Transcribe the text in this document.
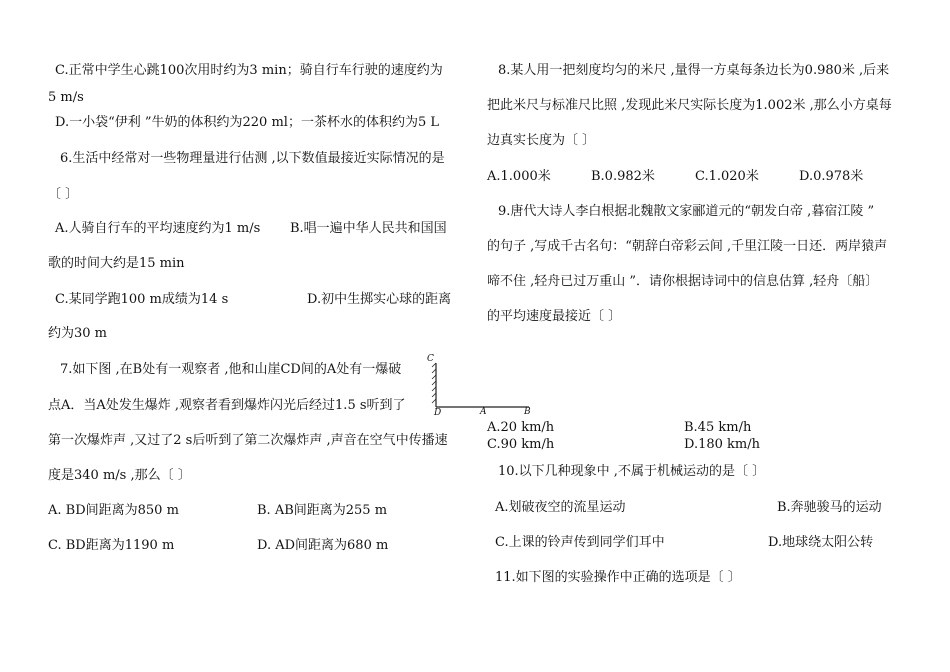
C.正常中学生心跳100次用时约为3 min；骑自行车行驶的速度约为
5 m/s
D.一小袋“伊利 ”牛奶的体积约为220 ml；一茶杯水的体积约为5 L
6.生活中经常对一些物理量进行估测 ,以下数值最接近实际情况的是
〔 〕
A.人骑自行车的平均速度约为1 m/s B.唱一遍中华人民共和国国
歌的时间大约是15 min
C.某同学跑100 m成绩为14 s	D.初中生掷实心球的距离
约为30 m
7.如下图 ,在B处有一观察者 ,他和山崖CD间的A处有一爆破
点A．当A处发生爆炸 ,观察者看到爆炸闪光后经过1.5 s听到了
第一次爆炸声 ,又过了2 s后听到了第二次爆炸声 ,声音在空气中传播速
度是340 m/s ,那么〔 〕
A. BD间距离为850 m	B. AB间距离为255 m
C. BD距离为1190 m	D. AD间距离为680 m
C
D	A	B
8.某人用一把刻度均匀的米尺 ,量得一方桌每条边长为0.980米 ,后来
把此米尺与标准尺比照 ,发现此米尺实际长度为1.002米 ,那么小方桌每
边真实长度为〔 〕
A.1.000米	B.0.982米	C.1.020米	D.0.978米
9.唐代大诗人李白根据北魏散文家郦道元的“朝发白帝 ,暮宿江陵 ”
的句子 ,写成千古名句：“朝辞白帝彩云间 ,千里江陵一日还．两岸猿声
啼不住 ,轻舟已过万重山 ”．请你根据诗词中的信息估算 ,轻舟〔船〕
的平均速度最接近〔 〕
A.20 km/h	B.45 km/h
C.90 km/h	D.180 km/h
10.以下几种现象中 ,不属于机械运动的是〔 〕
A.划破夜空的流星运动	B.奔驰骏马的运动
C.上课的铃声传到同学们耳中	D.地球绕太阳公转
11.如下图的实验操作中正确的选项是〔 〕
